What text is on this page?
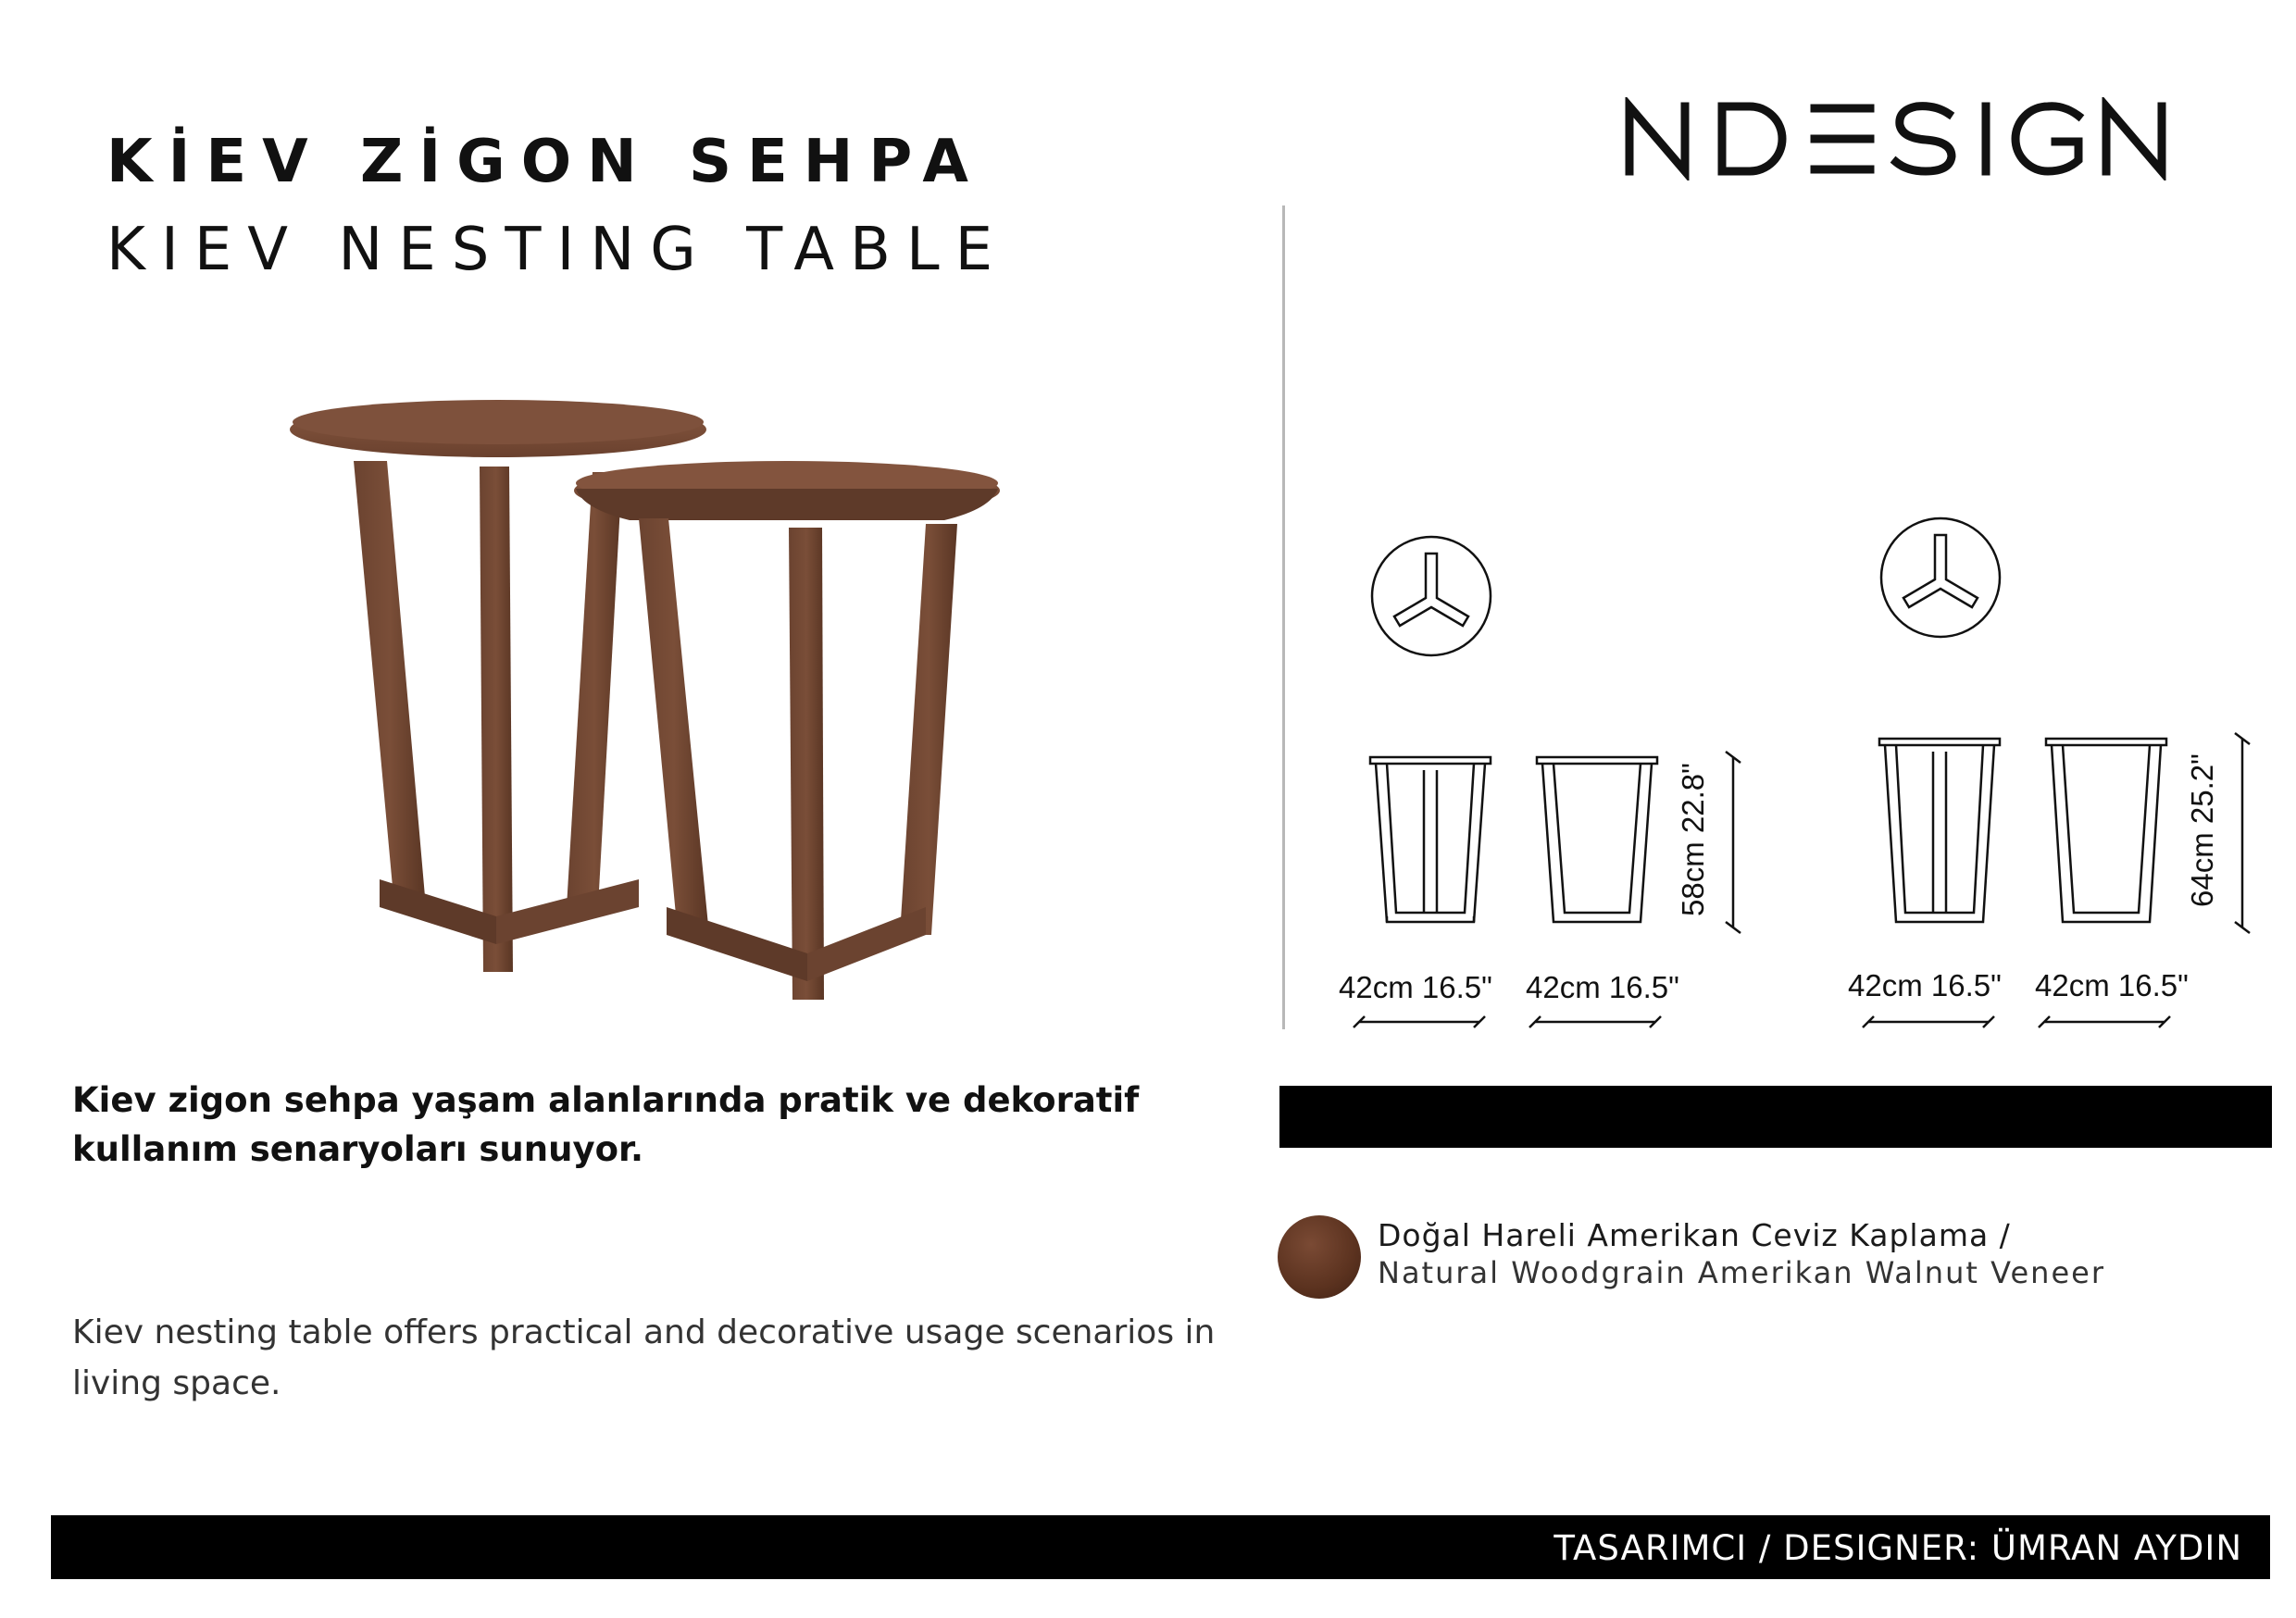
KİEV ZİGON SEHPA
KIEV NESTING TABLE
42cm 16.5" 42cm 16.5"
58cm 22.8"
42cm 16.5" 42cm 16.5"
64cm 25.2"
Kiev zigon sehpa yaşam alanlarında pratik ve dekoratif kullanım senaryoları sunuyor.
Kiev nesting table offers practical and decorative usage scenarios in living space.
Doğal Hareli Amerikan Ceviz Kaplama /
Natural Woodgrain Amerikan Walnut Veneer
TASARIMCI / DESIGNER: ÜMRAN AYDIN
